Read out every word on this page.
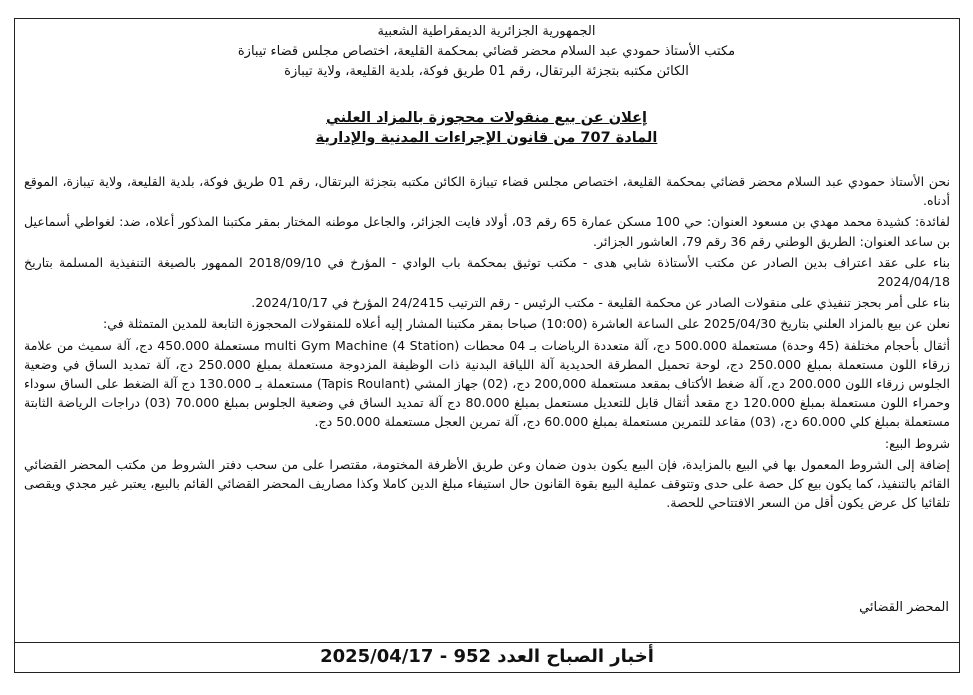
الجمهورية الجزائرية الديمقراطية الشعبية
مكتب الأستاذ حمودي عبد السلام محضر قضائي بمحكمة القليعة، اختصاص مجلس قضاء تيبازة
الكائن مكتبه بتجزئة البرتقال، رقم 01 طريق فوكة، بلدية القليعة، ولاية تيبازة
إعلان عن بيع منقولات محجوزة بالمزاد العلني
المادة 707 من قانون الإجراءات المدنية والإدارية

نحن الأستاذ حمودي عبد السلام محضر قضائي بمحكمة القليعة، اختصاص مجلس قضاء تيبازة الكائن مكتبه بتجزئة البرتقال، رقم 01 طريق فوكة، بلدية القليعة، ولاية تيبازة، الموقع أدناه.

لفائدة: كشيدة محمد مهدي بن مسعود العنوان: حي 100 مسكن عمارة 65 رقم 03، أولاد فايت الجزائر، والجاعل موطنه المختار بمقر مكتبنا المذكور أعلاه، ضد: لغواطي أسماعيل بن ساعد العنوان: الطريق الوطني رقم 36 رقم 79، العاشور الجزائر.

بناء على عقد اعتراف بدين الصادر عن مكتب الأستاذة شابي هدى - مكتب توثيق بمحكمة باب الوادي - المؤرخ في 2018/09/10 الممهور بالصيغة التنفيذية المسلمة بتاريخ 2024/04/18

بناء على أمر بحجز تنفيذي على منقولات الصادر عن محكمة القليعة - مكتب الرئيس - رقم الترتيب 24/2415 المؤرخ في 2024/10/17.

نعلن عن بيع بالمزاد العلني بتاريخ 2025/04/30 على الساعة العاشرة (10:00) صباحا بمقر مكتبنا المشار إليه أعلاه للمنقولات المحجوزة التابعة للمدين المتمثلة في:

أثقال بأحجام مختلفة (45 وحدة) مستعملة 500.000 دج، آلة متعددة الرياضات بـ 04 محطات multi Gym Machine (4 Station) مستعملة 450.000 دج، آلة سميث من علامة زرقاء اللون مستعملة بمبلغ 250.000 دج، لوحة تحميل المطرقة الحديدية آلة اللياقة البدنية ذات الوظيفة المزدوجة مستعملة بمبلغ 250.000 دج، آلة تمديد الساق في وضعية الجلوس زرقاء اللون 200.000 دج، آلة ضغط الأكتاف بمقعد مستعملة 200,000 دج، (02) جهاز المشي (Tapis Roulant) مستعملة بـ 130.000 دج آلة الضغط على الساق سوداء وحمراء اللون مستعملة بمبلغ 120.000 دج مقعد أثقال قابل للتعديل مستعمل بمبلغ 80.000 دج آلة تمديد الساق في وضعية الجلوس بمبلغ 70.000 (03) دراجات الرياضة الثابتة مستعملة بمبلغ كلي 60.000 دج، (03) مقاعد للتمرين مستعملة بمبلغ 60.000 دج، آلة تمرين العجل مستعملة 50.000 دج.

شروط البيع:

إضافة إلى الشروط المعمول بها في البيع بالمزايدة، فإن البيع يكون بدون ضمان وعن طريق الأظرفة المختومة، مقتصرا على من سحب دفتر الشروط من مكتب المحضر القضائي القائم بالتنفيذ، كما يكون بيع كل حصة على حدى وتتوقف عملية البيع بقوة القانون حال استيفاء مبلغ الدين كاملا وكذا مصاريف المحضر القضائي القائم بالبيع، يعتبر غير مجدي ويقصى تلقائيا كل عرض يكون أقل من السعر الافتتاحي للحصة.

المحضر القضائي
أخبار الصباح العدد 952 - 2025/04/17
